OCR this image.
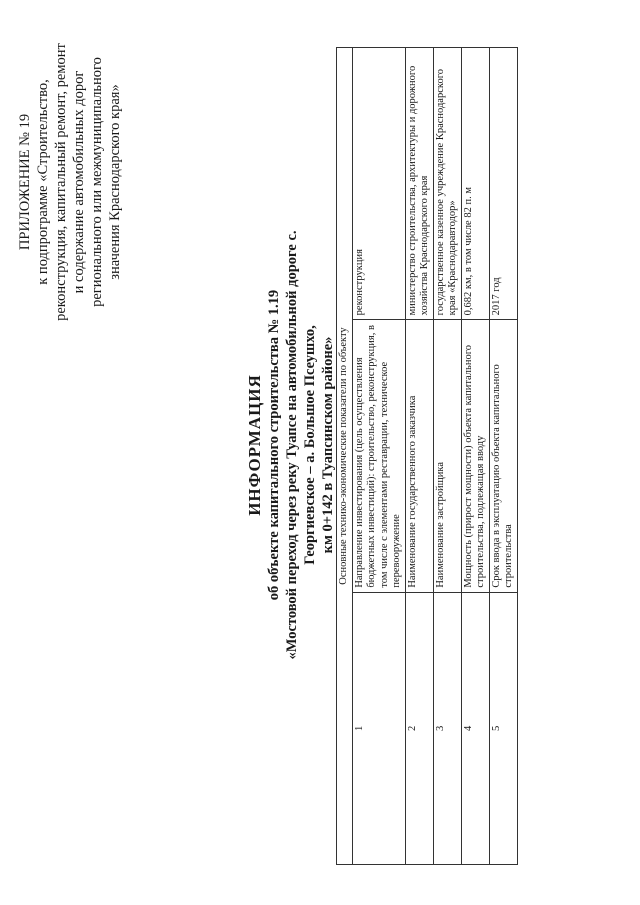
ПРИЛОЖЕНИЕ № 19 к подпрограмме «Строительство, реконструкция, капитальный ремонт, ремонт и содержание автомобильных дорог регионального или межмуниципального значения Краснодарского края»
ИНФОРМАЦИЯ об объекте капитального строительства № 1.19 «Мостовой переход через реку Туапсе на автомобильной дороге с. Георгиевское – а. Большое Псеушхо, км 0+142 в Туапсинском районе» Основные технико-экономические показатели по объекту		
1	Направление инвестирования (цель осуществления бюджетных инвестиций): строительство, реконструкция, в том числе с элементами реставрации, техническое перевооружение	реконструкция
2	Наименование государственного заказчика	министерство строительства, архитектуры и дорожного хозяйства Краснодарского края
3	Наименование застройщика	государственное казенное учреждение Краснодарского края «Краснодаравтодор»
4	Мощность (прирост мощности) объекта капитального строительства, подлежащая вводу	0,682 км, в том числе 82 п. м
5	Срок ввода в эксплуатацию объекта капитального строительства	2017 год
